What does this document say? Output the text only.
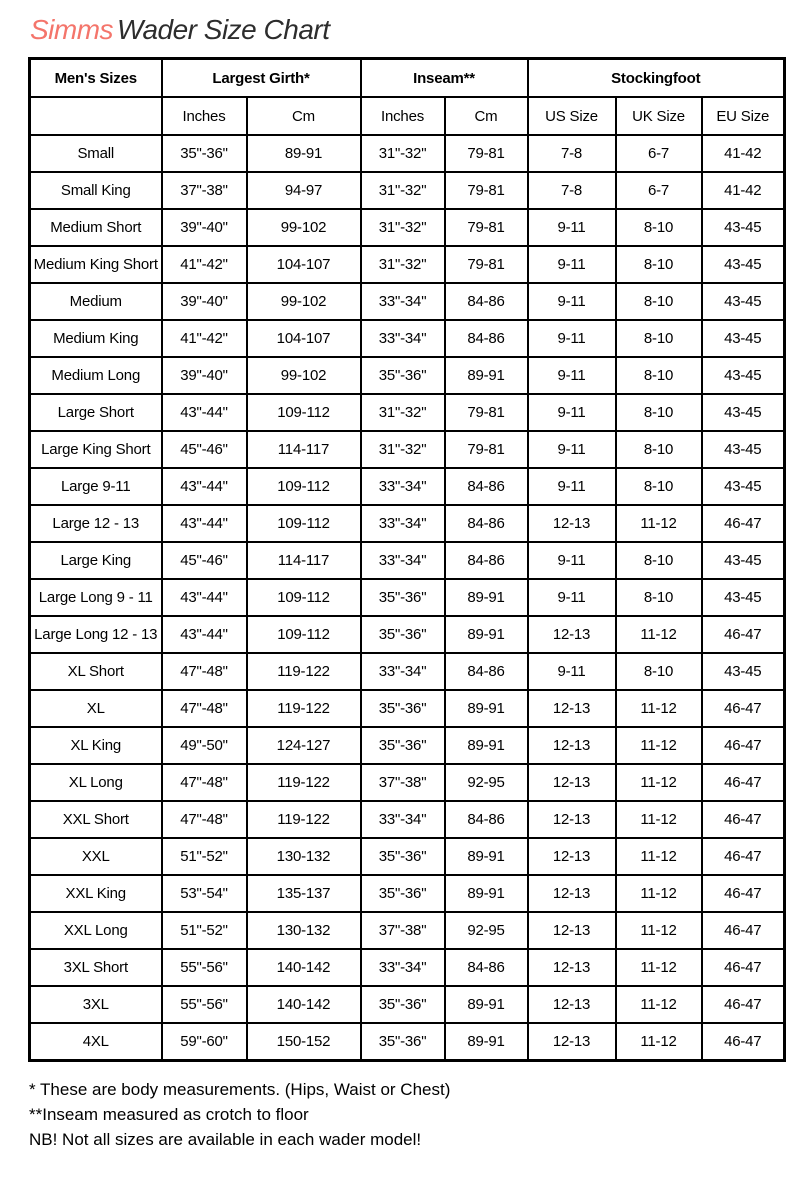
Simms Wader Size Chart
Men's Sizes	Largest Girth*		Inseam**		Stockingfoot		
	Inches	Cm	Inches	Cm	US Size	UK Size	EU Size
Small	35"-36"	89-91	31"-32"	79-81	7-8	6-7	41-42
Small King	37"-38"	94-97	31"-32"	79-81	7-8	6-7	41-42
Medium Short	39"-40"	99-102	31"-32"	79-81	9-11	8-10	43-45
Medium King Short	41"-42"	104-107	31"-32"	79-81	9-11	8-10	43-45
Medium	39"-40"	99-102	33"-34"	84-86	9-11	8-10	43-45
Medium King	41"-42"	104-107	33"-34"	84-86	9-11	8-10	43-45
Medium Long	39"-40"	99-102	35"-36"	89-91	9-11	8-10	43-45
Large Short	43"-44"	109-112	31"-32"	79-81	9-11	8-10	43-45
Large King Short	45"-46"	114-117	31"-32"	79-81	9-11	8-10	43-45
Large 9-11	43"-44"	109-112	33"-34"	84-86	9-11	8-10	43-45
Large 12 - 13	43"-44"	109-112	33"-34"	84-86	12-13	11-12	46-47
Large King	45"-46"	114-117	33"-34"	84-86	9-11	8-10	43-45
Large Long 9 - 11	43"-44"	109-112	35"-36"	89-91	9-11	8-10	43-45
Large Long 12 - 13	43"-44"	109-112	35"-36"	89-91	12-13	11-12	46-47
XL Short	47"-48"	119-122	33"-34"	84-86	9-11	8-10	43-45
XL	47"-48"	119-122	35"-36"	89-91	12-13	11-12	46-47
XL King	49"-50"	124-127	35"-36"	89-91	12-13	11-12	46-47
XL Long	47"-48"	119-122	37"-38"	92-95	12-13	11-12	46-47
XXL Short	47"-48"	119-122	33"-34"	84-86	12-13	11-12	46-47
XXL	51"-52"	130-132	35"-36"	89-91	12-13	11-12	46-47
XXL King	53"-54"	135-137	35"-36"	89-91	12-13	11-12	46-47
XXL Long	51"-52"	130-132	37"-38"	92-95	12-13	11-12	46-47
3XL Short	55"-56"	140-142	33"-34"	84-86	12-13	11-12	46-47
3XL	55"-56"	140-142	35"-36"	89-91	12-13	11-12	46-47
4XL	59"-60"	150-152	35"-36"	89-91	12-13	11-12	46-47

* These are body measurements. (Hips, Waist or Chest)

**Inseam measured as crotch to floor

NB! Not all sizes are available in each wader model!
